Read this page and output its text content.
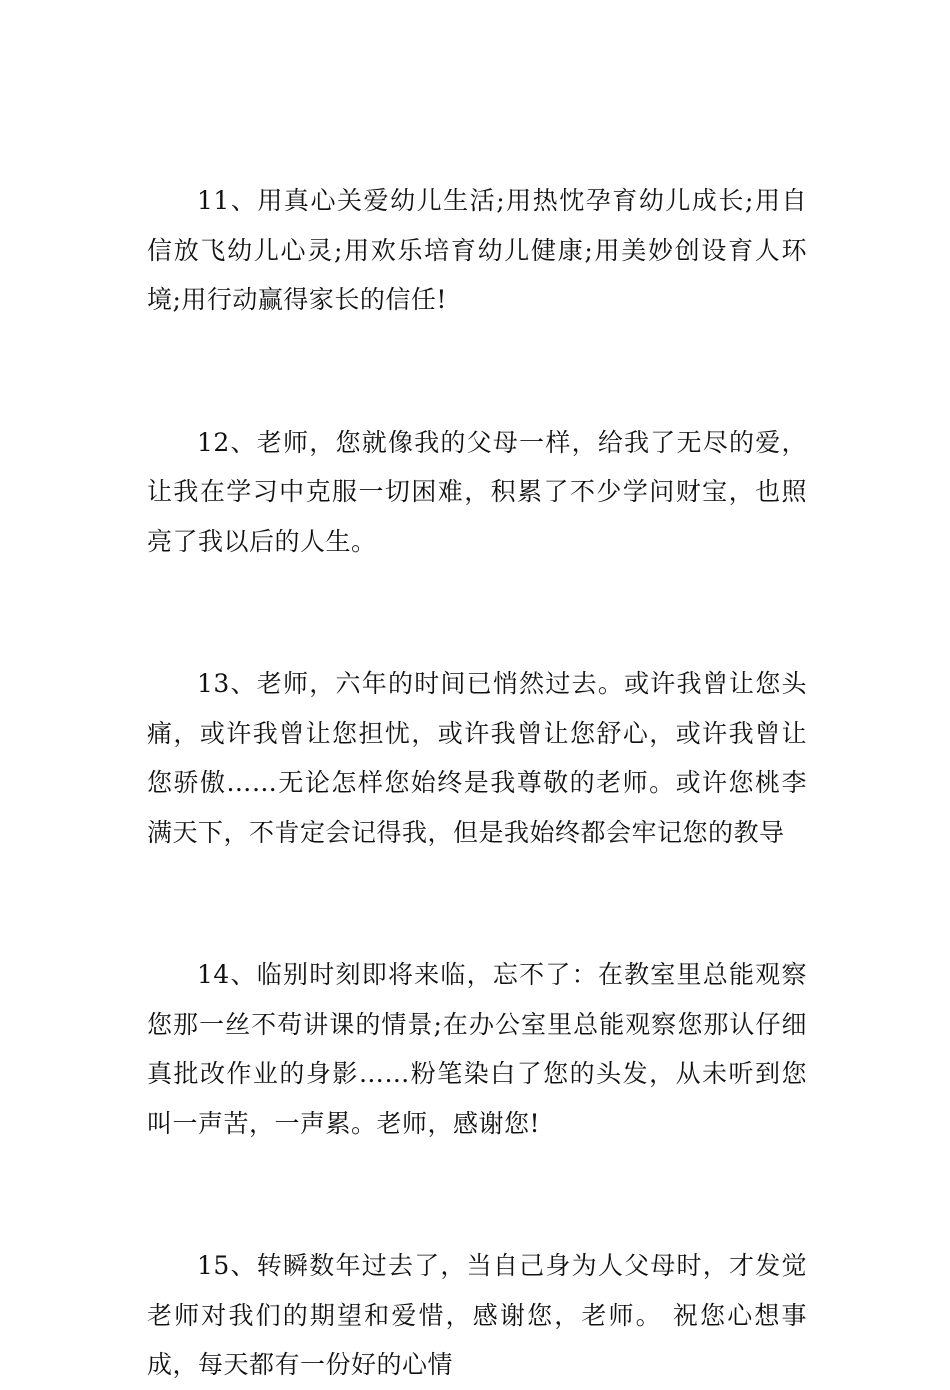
11、用真心关爱幼儿生活;用热忱孕育幼儿成长;用自信放飞幼儿心灵;用欢乐培育幼儿健康;用美妙创设育人环境;用行动赢得家长的信任!

12、老师，您就像我的父母一样，给我了无尽的爱，让我在学习中克服一切困难，积累了不少学问财宝，也照亮了我以后的人生。

13、老师，六年的时间已悄然过去。或许我曾让您头痛，或许我曾让您担忧，或许我曾让您舒心，或许我曾让您骄傲……无论怎样您始终是我尊敬的老师。或许您桃李满天下，不肯定会记得我，但是我始终都会牢记您的教导

14、临别时刻即将来临，忘不了：在教室里总能观察您那一丝不苟讲课的情景;在办公室里总能观察您那认仔细真批改作业的身影……粉笔染白了您的头发，从未听到您叫一声苦，一声累。老师，感谢您!

15、转瞬数年过去了，当自己身为人父母时，才发觉老师对我们的期望和爱惜，感谢您，老师。 祝您心想事成，每天都有一份好的心情
